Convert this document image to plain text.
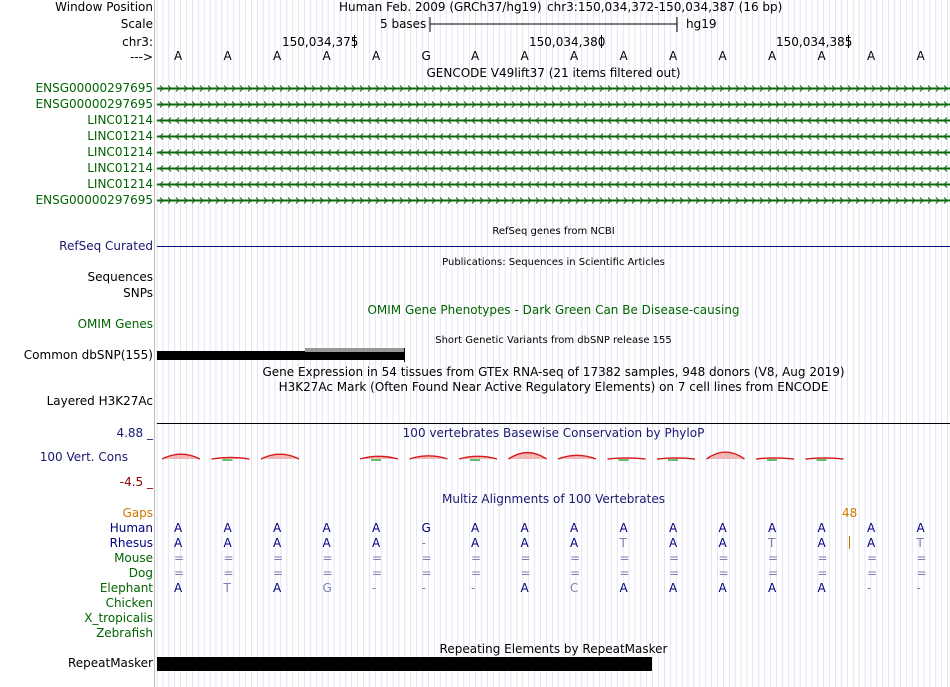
Window Position
Scale
chr3:
--->
Human Feb. 2009 (GRCh37/hg19) chr3:150,034,372-150,034,387 (16 bp)
5 bases	hg19
150,034,375	150,034,380	150,034,385
A	A	A	A	A	G	A	A	A	A	A	A	A	A	A	A
GENCODE V49lift37 (21 items filtered out)
ENSG00000297695
ENSG00000297695
LINC01214
LINC01214
LINC01214
LINC01214
LINC01214
ENSG00000297695
RefSeq genes from NCBI
RefSeq Curated
Publications: Sequences in Scientific Articles
Sequences
SNPs
OMIM Gene Phenotypes - Dark Green Can Be Disease-causing
OMIM Genes
Short Genetic Variants from dbSNP release 155
Common dbSNP(155)
Gene Expression in 54 tissues from GTEx RNA-seq of 17382 samples, 948 donors (V8, Aug 2019)
H3K27Ac Mark (Often Found Near Active Regulatory Elements) on 7 cell lines from ENCODE
Layered H3K27Ac
4.88 _	100 vertebrates Basewise Conservation by PhyloP
100 Vert. Cons
-4.5 _
Multiz Alignments of 100 Vertebrates
Gaps	48
Human A	A	A	A	A	G	A	A	A	A	A	A	A	A	A	A
Rhesus A	A	A	A	A	-	A	A	A	T	A	A	T	A	A	T
Mouse =	=	=	=	=	=	=	=	=	=	=	=	=	=	=	=
Dog =	=	=	=	=	=	=	=	=	=	=	=	=	=	=	=
Elephant A	T	A	G	-	-	-	A	C	A	A	A	A	A	-	-
Chicken
X_tropicalis
Zebrafish
Repeating Elements by RepeatMasker
RepeatMasker
